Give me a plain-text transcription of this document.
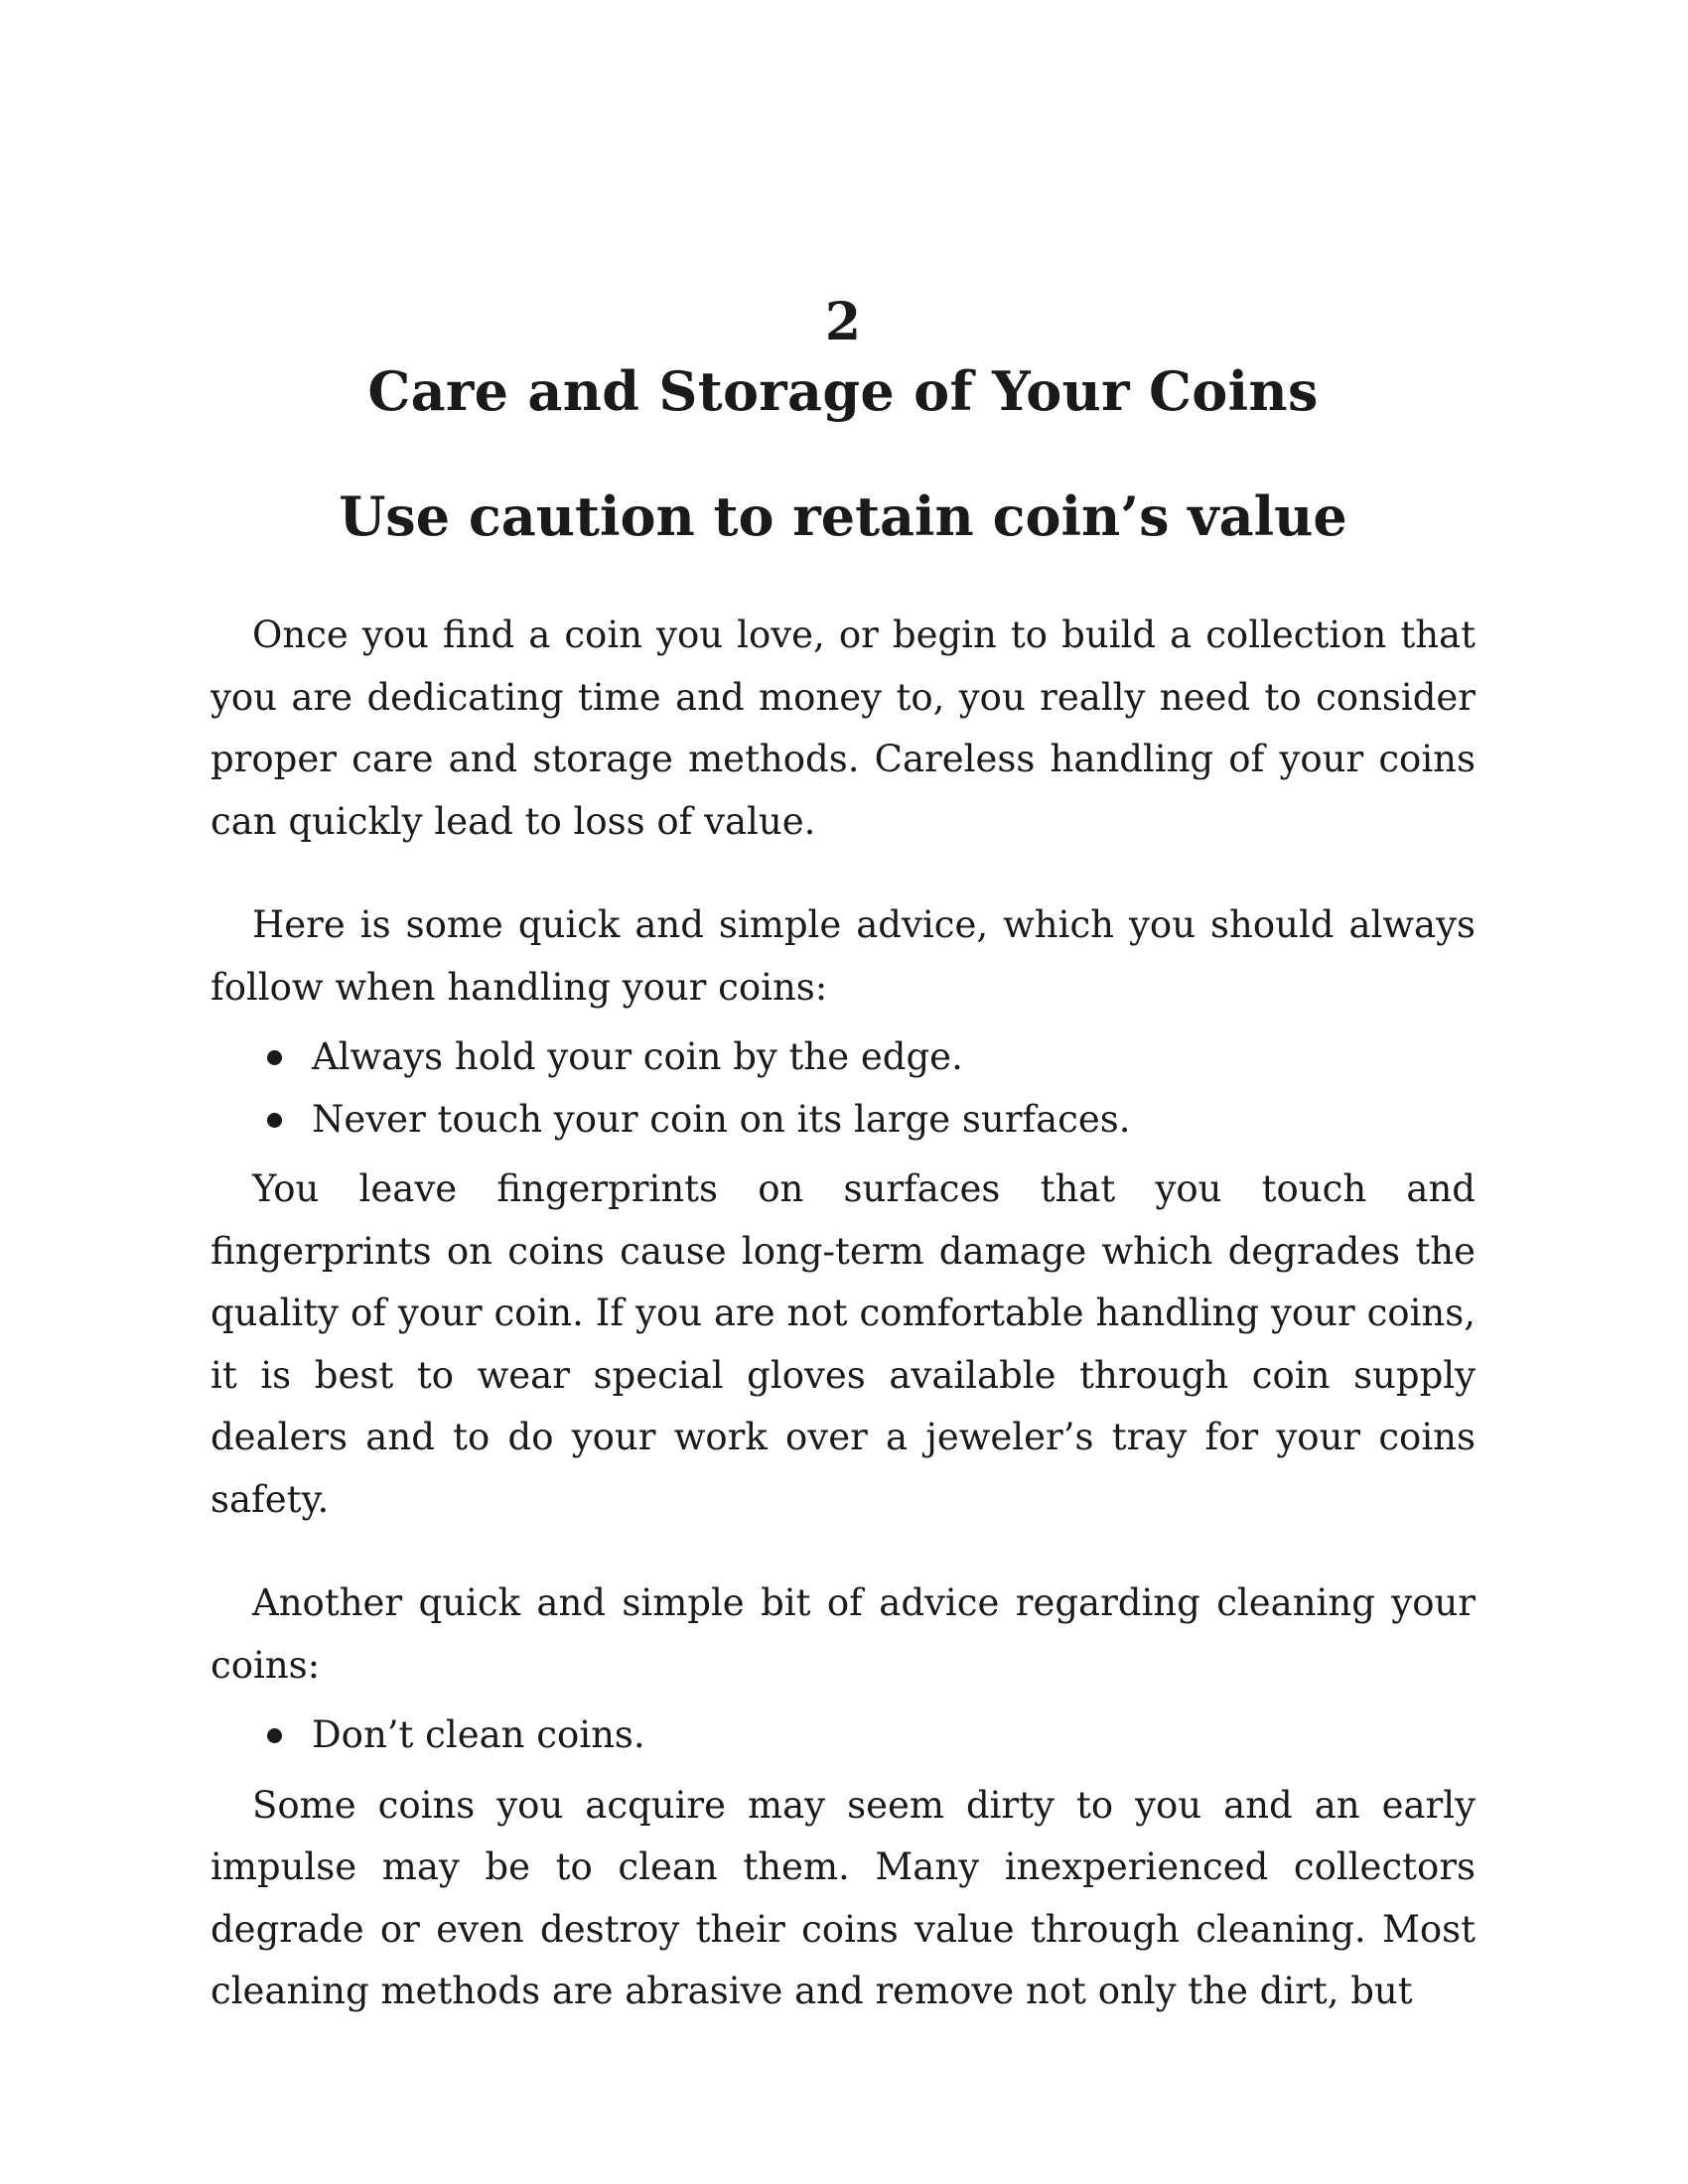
2
Care and Storage of Your Coins
Use caution to retain coin’s value

Once you find a coin you love, or begin to build a collection that you are dedicating time and money to, you really need to consider proper care and storage methods. Careless handling of your coins can quickly lead to loss of value.

Here is some quick and simple advice, which you should always follow when handling your coins:

Always hold your coin by the edge.
Never touch your coin on its large surfaces.

You leave fingerprints on surfaces that you touch and fingerprints on coins cause long-term damage which degrades the quality of your coin. If you are not comfortable handling your coins, it is best to wear special gloves available through coin supply dealers and to do your work over a jeweler’s tray for your coins safety.

Another quick and simple bit of advice regarding cleaning your coins:

Don’t clean coins.

Some coins you acquire may seem dirty to you and an early impulse may be to clean them. Many inexperienced collectors degrade or even destroy their coins value through cleaning. Most cleaning methods are abrasive and remove not only the dirt, but
